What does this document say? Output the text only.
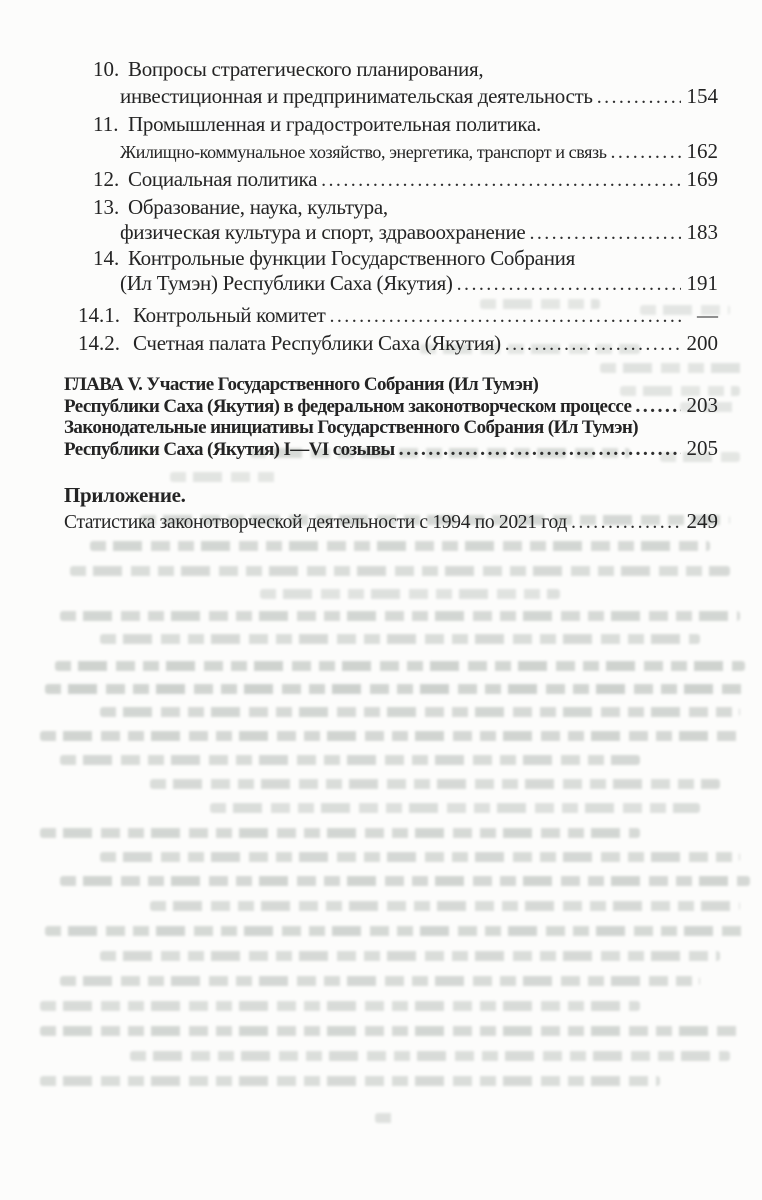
10. Вопросы стратегического планирования,
инвестиционная и предпринимательская деятельность .....	154
11. Промышленная и градостроительная политика.
Жилищно-коммунальное хозяйство, энергетика, транспорт и связь .....	162
12. Социальная политика .....	169
13. Образование, наука, культура,
физическая культура и спорт, здравоохранение .....	183
14. Контрольные функции Государственного Собрания
(Ил Тумэн) Республики Саха (Якутия) .....	191
14.1. Контрольный комитет .....	—
14.2. Счетная палата Республики Саха (Якутия) .....	200
ГЛАВА V. Участие Государственного Собрания (Ил Тумэн)
Республики Саха (Якутия) в федеральном законотворческом процессе .....	203
Законодательные инициативы Государственного Собрания (Ил Тумэн)
Республики Саха (Якутия) I—VI созывы .....	205
Приложение.
Статистика законотворческой деятельности с 1994 по 2021 год .....	249
